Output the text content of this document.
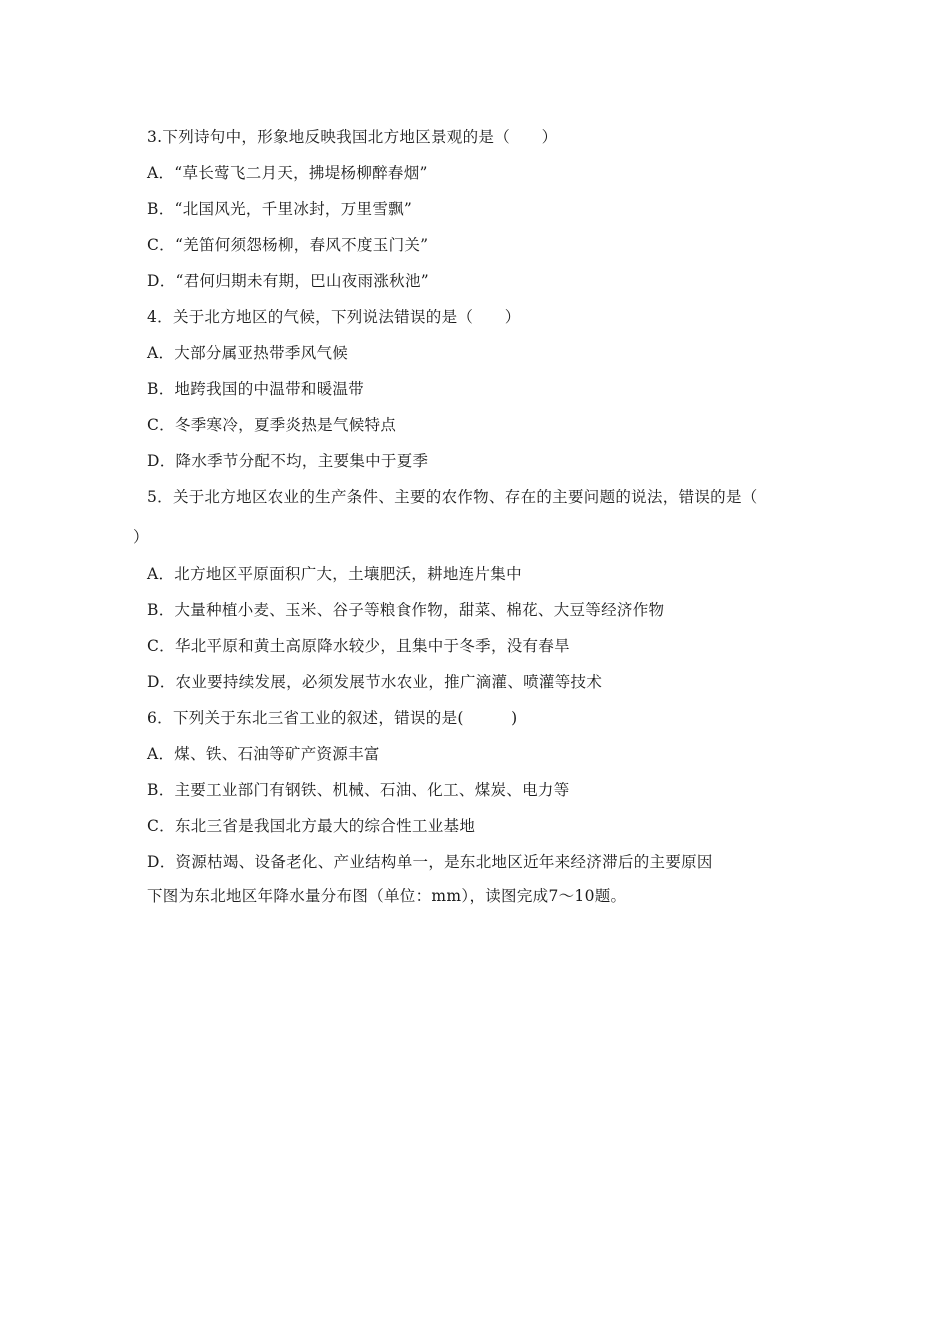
3.下列诗句中，形象地反映我国北方地区景观的是（　　）
A．“草长莺飞二月天，拂堤杨柳醉春烟”
B．“北国风光，千里冰封，万里雪飘”
C．“羌笛何须怨杨柳，春风不度玉门关”
D．“君何归期未有期，巴山夜雨涨秋池”
4．关于北方地区的气候，下列说法错误的是（　　）
A．大部分属亚热带季风气候
B．地跨我国的中温带和暖温带
C．冬季寒冷，夏季炎热是气候特点
D．降水季节分配不均，主要集中于夏季
5．关于北方地区农业的生产条件、主要的农作物、存在的主要问题的说法，错误的是（
）
A．北方地区平原面积广大，土壤肥沃，耕地连片集中
B．大量种植小麦、玉米、谷子等粮食作物，甜菜、棉花、大豆等经济作物
C．华北平原和黄土高原降水较少，且集中于冬季，没有春旱
D．农业要持续发展，必须发展节水农业，推广滴灌、喷灌等技术
6．下列关于东北三省工业的叙述，错误的是(　　　)
A．煤、铁、石油等矿产资源丰富
B．主要工业部门有钢铁、机械、石油、化工、煤炭、电力等
C．东北三省是我国北方最大的综合性工业基地
D．资源枯竭、设备老化、产业结构单一，是东北地区近年来经济滞后的主要原因
下图为东北地区年降水量分布图（单位：mm），读图完成7～10题。
